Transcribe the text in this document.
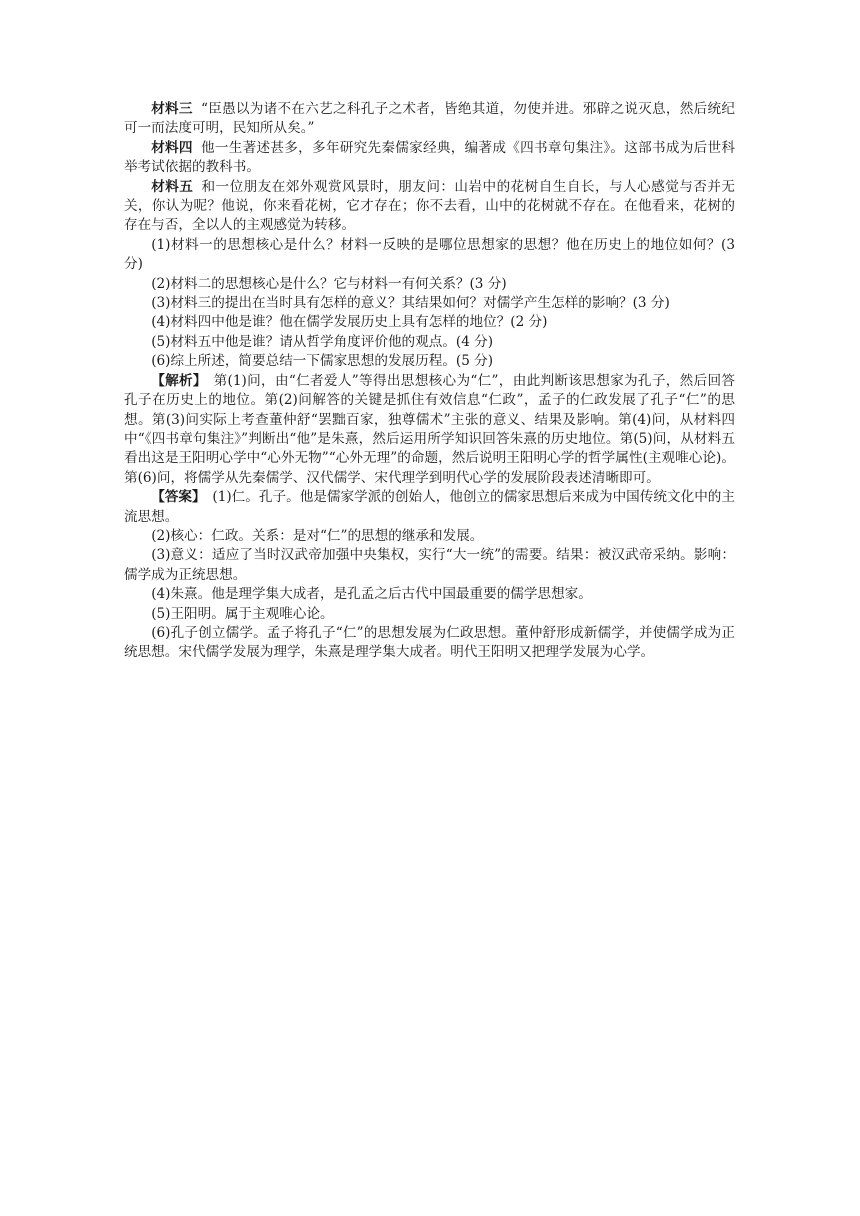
材料三 “臣愚以为诸不在六艺之科孔子之术者，皆绝其道，勿使并进。邪辟之说灭息，然后统纪可一而法度可明，民知所从矣。”

材料四 他一生著述甚多，多年研究先秦儒家经典，编著成《四书章句集注》。这部书成为后世科举考试依据的教科书。

材料五 和一位朋友在郊外观赏风景时，朋友问：山岩中的花树自生自长，与人心感觉与否并无关，你认为呢？他说，你来看花树，它才存在；你不去看，山中的花树就不存在。在他看来，花树的存在与否，全以人的主观感觉为转移。

(1)材料一的思想核心是什么？材料一反映的是哪位思想家的思想？他在历史上的地位如何？(3 分)

(2)材料二的思想核心是什么？它与材料一有何关系？(3 分)

(3)材料三的提出在当时具有怎样的意义？其结果如何？对儒学产生怎样的影响？(3 分)

(4)材料四中他是谁？他在儒学发展历史上具有怎样的地位？(2 分)

(5)材料五中他是谁？请从哲学角度评价他的观点。(4 分)

(6)综上所述，简要总结一下儒家思想的发展历程。(5 分)

【解析】 第(1)问，由“仁者爱人”等得出思想核心为“仁”，由此判断该思想家为孔子，然后回答孔子在历史上的地位。第(2)问解答的关键是抓住有效信息“仁政”，孟子的仁政发展了孔子“仁”的思想。第(3)问实际上考查董仲舒“罢黜百家，独尊儒术”主张的意义、结果及影响。第(4)问，从材料四中“《四书章句集注》”判断出“他”是朱熹，然后运用所学知识回答朱熹的历史地位。第(5)问，从材料五看出这是王阳明心学中“心外无物”“心外无理”的命题，然后说明王阳明心学的哲学属性(主观唯心论)。第(6)问，将儒学从先秦儒学、汉代儒学、宋代理学到明代心学的发展阶段表述清晰即可。

【答案】 (1)仁。孔子。他是儒家学派的创始人，他创立的儒家思想后来成为中国传统文化中的主流思想。

(2)核心：仁政。关系：是对“仁”的思想的继承和发展。

(3)意义：适应了当时汉武帝加强中央集权，实行“大一统”的需要。结果：被汉武帝采纳。影响：儒学成为正统思想。

(4)朱熹。他是理学集大成者，是孔孟之后古代中国最重要的儒学思想家。

(5)王阳明。属于主观唯心论。

(6)孔子创立儒学。孟子将孔子“仁”的思想发展为仁政思想。董仲舒形成新儒学，并使儒学成为正统思想。宋代儒学发展为理学，朱熹是理学集大成者。明代王阳明又把理学发展为心学。
